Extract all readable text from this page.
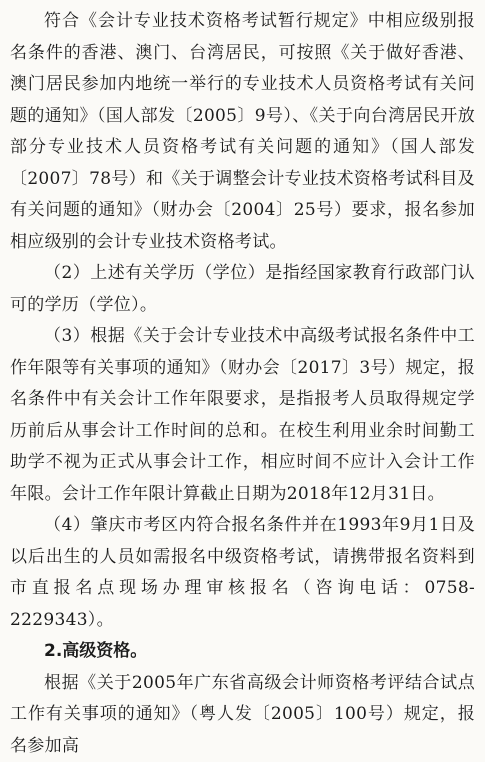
符合《会计专业技术资格考试暂行规定》中相应级别报名条件的香港、澳门、台湾居民，可按照《关于做好香港、澳门居民参加内地统一举行的专业技术人员资格考试有关问题的通知》（国人部发〔2005〕9号）、《关于向台湾居民开放部分专业技术人员资格考试有关问题的通知》（国人部发〔2007〕78号）和《关于调整会计专业技术资格考试科目及有关问题的通知》（财办会〔2004〕25号）要求，报名参加相应级别的会计专业技术资格考试。

（2）上述有关学历（学位）是指经国家教育行政部门认可的学历（学位）。

（3）根据《关于会计专业技术中高级考试报名条件中工作年限等有关事项的通知》（财办会〔2017〕3号）规定，报名条件中有关会计工作年限要求，是指报考人员取得规定学历前后从事会计工作时间的总和。在校生利用业余时间勤工助学不视为正式从事会计工作，相应时间不应计入会计工作年限。会计工作年限计算截止日期为2018年12月31日。

（4）肇庆市考区内符合报名条件并在1993年9月1日及以后出生的人员如需报名中级资格考试，请携带报名资料到市直报名点现场办理审核报名（咨询电话：0758-2229343）。

2.高级资格。

根据《关于2005年广东省高级会计师资格考评结合试点工作有关事项的通知》（粤人发〔2005〕100号）规定，报名参加高
